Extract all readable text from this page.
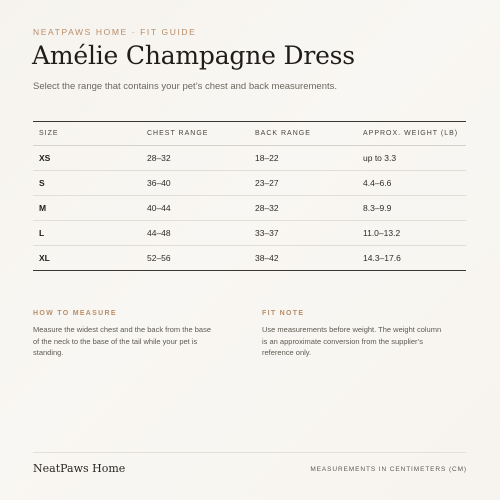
NEATPAWS HOME · FIT GUIDE
Amélie Champagne Dress
Select the range that contains your pet’s chest and back measurements.
SIZE	CHEST RANGE	BACK RANGE	APPROX. WEIGHT (LB)
XS	28–32	18–22	up to 3.3
S	36–40	23–27	4.4–6.6
M	40–44	28–32	8.3–9.9
L	44–48	33–37	11.0–13.2
XL	52–56	38–42	14.3–17.6
HOW TO MEASURE
Measure the widest chest and the back from the base of the neck to the base of the tail while your pet is standing.
FIT NOTE
Use measurements before weight. The weight column is an approximate conversion from the supplier’s reference only.
NeatPaws Home	MEASUREMENTS IN CENTIMETERS (CM)
